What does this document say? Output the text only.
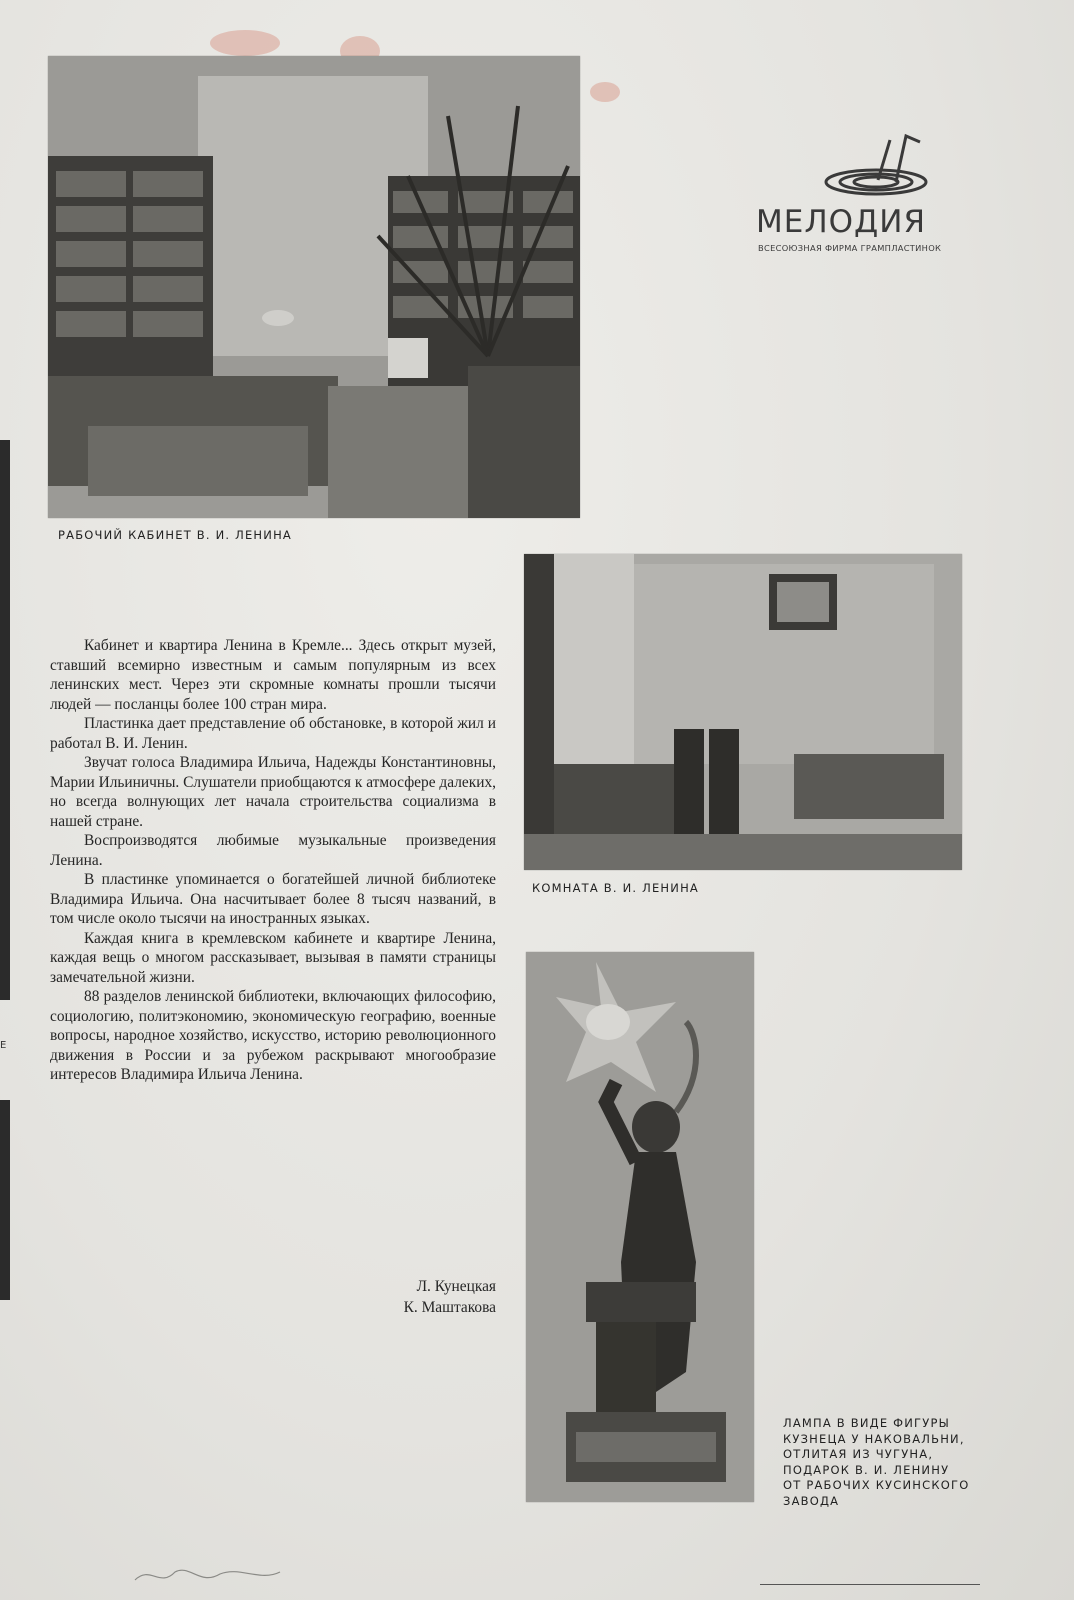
Е
РАБОЧИЙ КАБИНЕТ В. И. ЛЕНИНА
МЕЛОДИЯ
ВСЕСОЮЗНАЯ ФИРМА ГРАМПЛАСТИНОК
КОМНАТА В. И. ЛЕНИНА

Кабинет и квартира Ленина в Кремле... Здесь открыт музей, ставший всемирно известным и самым популярным из всех ленинских мест. Через эти скромные комнаты прошли тысячи людей — посланцы более 100 стран мира.

Пластинка дает представление об обстановке, в которой жил и работал В. И. Ленин.

Звучат голоса Владимира Ильича, Надежды Константиновны, Марии Ильиничны. Слушатели приобщаются к атмосфере далеких, но всегда волнующих лет начала строительства социализма в нашей стране.

Воспроизводятся любимые музыкальные произведения Ленина.

В пластинке упоминается о богатейшей личной библиотеке Владимира Ильича. Она насчитывает более 8 тысяч названий, в том числе около тысячи на иностранных языках.

Каждая книга в кремлевском кабинете и квартире Ленина, каждая вещь о многом рассказывает, вызывая в памяти страницы замечательной жизни.

88 разделов ленинской библиотеки, включающих философию, социологию, политэкономию, экономическую географию, военные вопросы, народное хозяйство, искусство, историю революционного движения в России и за рубежом раскрывают многообразие интересов Владимира Ильича Ленина.

Л. Кунецкая
К. Маштакова
ЛАМПА В ВИДЕ ФИГУРЫ
КУЗНЕЦА У НАКОВАЛЬНИ,
ОТЛИТАЯ ИЗ ЧУГУНА,
ПОДАРОК В. И. ЛЕНИНУ
ОТ РАБОЧИХ КУСИНСКОГО
ЗАВОДА
